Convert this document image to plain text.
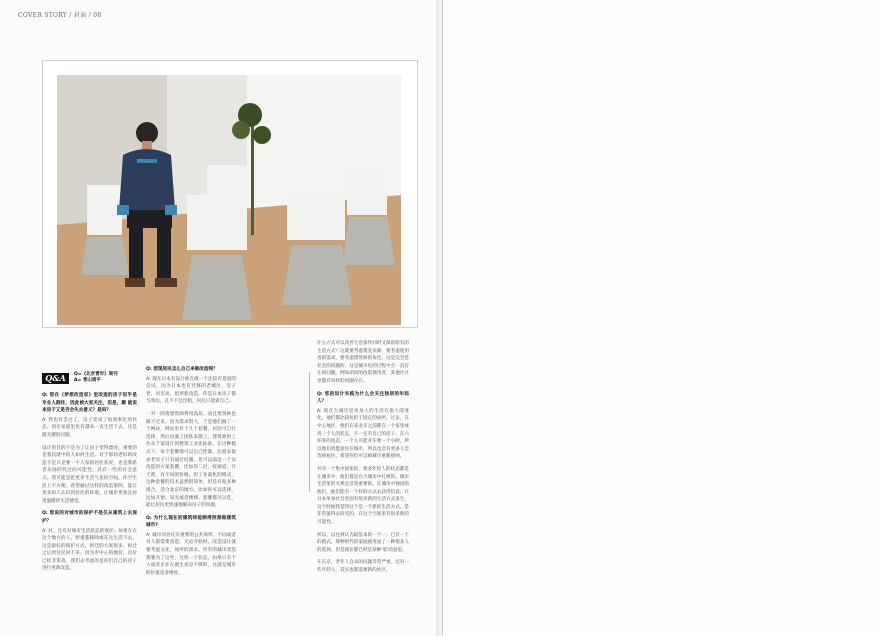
COVER STORY / 封面 / 08
Q&A	Q=《北京青年》周刊
A= 青山周平
Q: 您在《梦想改造家》里改造的房子似乎是 专业人群住，因此被大家关注，但是，颠 能说来房子又是否会失去意义？是吗？

A: 我也有丢过了，房子变成了很效率化的状态。因在家庭里也有越来一直生活下去，这是最关键的问题。

设计的目的不是为了让房子变得漂亮，重要的是我仅就中的人如何生活。对于那间老旧的改造不是只是要一个人家的居住状况，也是我希者东国的代过的可能性，具有一些的社会意义。我可能是把更多生活气息的空间，你空生活上不方便，希望通过这样的改造案例，能让更多的人认识到居住的环境，让城市更加宜居更温暖的生活感觉。

Q: 您说的对城市的保护不是仅从建筑上去保护？

A: 对。还有对城市生活状态的保护。如果在在这个地方的人，原重都移除或在这生活下去，这是最好的保护方式。拆迁的方案很多，拆迁之后原住民回不来。因为市中心的地价，房价已经非常高，我们去考虑的是你们自己的房子进行更新改造。

Q: 您现居民怎么自己来做改造呢？

A: 现在日本有设计师在做一个比较有意思的尝试，因为日本也有迁移的老城区，房子老、居室高，租用新改造，你是日本房子都与周边，且不不会出租，居民只能靠自己。

一对一的请建筑师费用高昂，而且建筑师也做不过来，因为需求很大，于是他们做了一个网站，网站里有十几个套餐，居民可自行选择，然后由施工团队来施工。建筑师的工作从个案设计到建筑工业化标准，在这种模式下，每个套餐都可以自己控制，比原来很多老房子只有通过问题。也可以面是一个房改造的方案套餐，比如你二层、按通道、开天窗，有不同的价格，用工业量化的模式，这种套餐的技术虽然很简单，但是有很多种组合，适合北京的地方。比如你可以选择，比如开窗、采光或者楼梯、套餐都可以选，能让居民更快速地解决房子的问题。

Q: 为什么现在的建筑师能顾得照想做建筑城市?

A: 城市对居民有重要的公共场所、不同或者对人都需要改造，无论开始时，改造设计就要考虑文化、场所的需求。所有的城市改造都要为了这些，这样一个状态，如果只有个人或者企业在做生意是不够的，这就是城市的价值是多维度。

什么方式可以改善生活条件同时又保留原有的生活方式？这就要考虑资金来源，要考虑使用者的需求，要考虑建筑师的角色。这是完全是社会的问题的，这是城市化的过程中会一直存在的问题。例如胡同的改造使用者，其他社区里都有同样的问题存在。

Q: 您的设计实践为什么会关注独居的年轻人？

A: 现在大城市里单身人的生活有很大的变化，他们都比较抗拒于固定的居所，过去，在中心地区，他们在来北京之前都在一个家里或者一个人的状态，不一定有自己的房子。在六环外的状态，一个人可能开车要一个小时，所以他们更愿意住在城市，所以也会有更多人会选择租住，希望你们可以被城市重新接纳。

共享一个集中国家的，很多年轻人的状态都是在城市中，他们都是在大城市中打拼的。城市生活里的关系是非常重要的。在城市中独居的他们，他们能有一个好的方式去获得信息，在日本单身社会里面有很多新的生活方式发生，这个时候我觉得这个是一个新的生活方式，是非常值得去研究的，在这个空间里有很多新的可能性。

所以，以往被认为最基本的一个一，已有一个的模式，那种时代的家庭就变成了一种很多人的选择，但是现在都已经是某种'家'的意思。

在东京，老年人自杀的问题非常严重，还有一些年轻人，其实也都需要新的社区。
